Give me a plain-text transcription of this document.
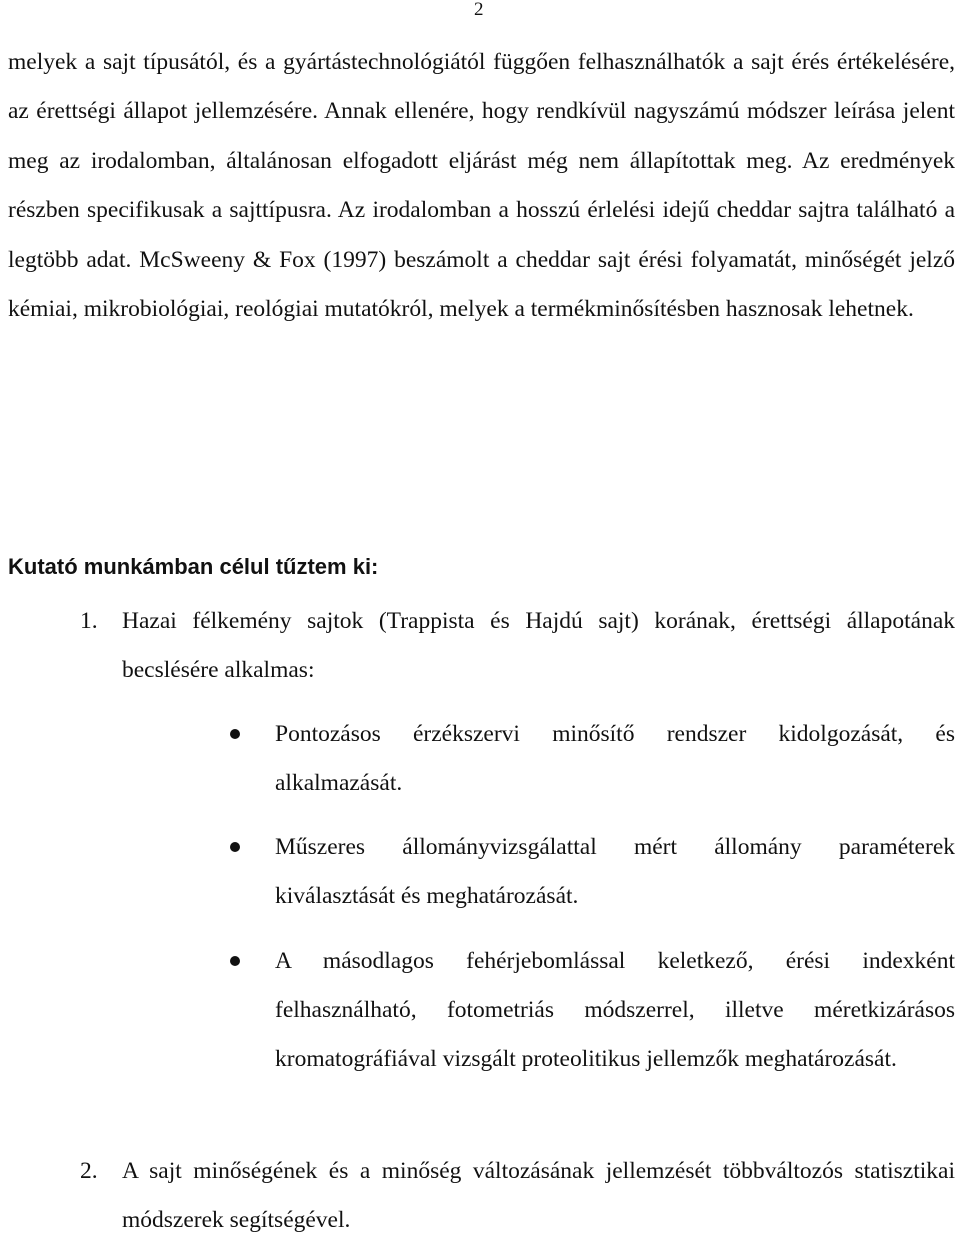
2

melyek a sajt típusától, és a gyártástechnológiától függően felhasználhatók a sajt érés értékelésére, az érettségi állapot jellemzésére. Annak ellenére, hogy rendkívül nagyszámú módszer leírása jelent meg az irodalomban, általánosan elfogadott eljárást még nem állapítottak meg. Az eredmények részben specifikusak a sajttípusra. Az irodalomban a hosszú érlelési idejű cheddar sajtra található a legtöbb adat. McSweeny & Fox (1997) beszámolt a cheddar sajt érési folyamatát, minőségét jelző kémiai, mikrobiológiai, reológiai mutatókról, melyek a termékminősítésben hasznosak lehetnek.

Kutató munkámban célul tűztem ki:
1.	Hazai félkemény sajtok (Trappista és Hajdú sajt) korának, érettségi állapotának becslésére alkalmas:
Pontozásos érzékszervi minősítő rendszer kidolgozását, és alkalmazását.
Műszeres állományvizsgálattal mért állomány paraméterek kiválasztását és meghatározását.
A másodlagos fehérjebomlással keletkező, érési indexként felhasználható, fotometriás módszerrel, illetve méretkizárásos kromatográfiával vizsgált proteolitikus jellemzők meghatározását.
2.	A sajt minőségének és a minőség változásának jellemzését többváltozós statisztikai módszerek segítségével.
